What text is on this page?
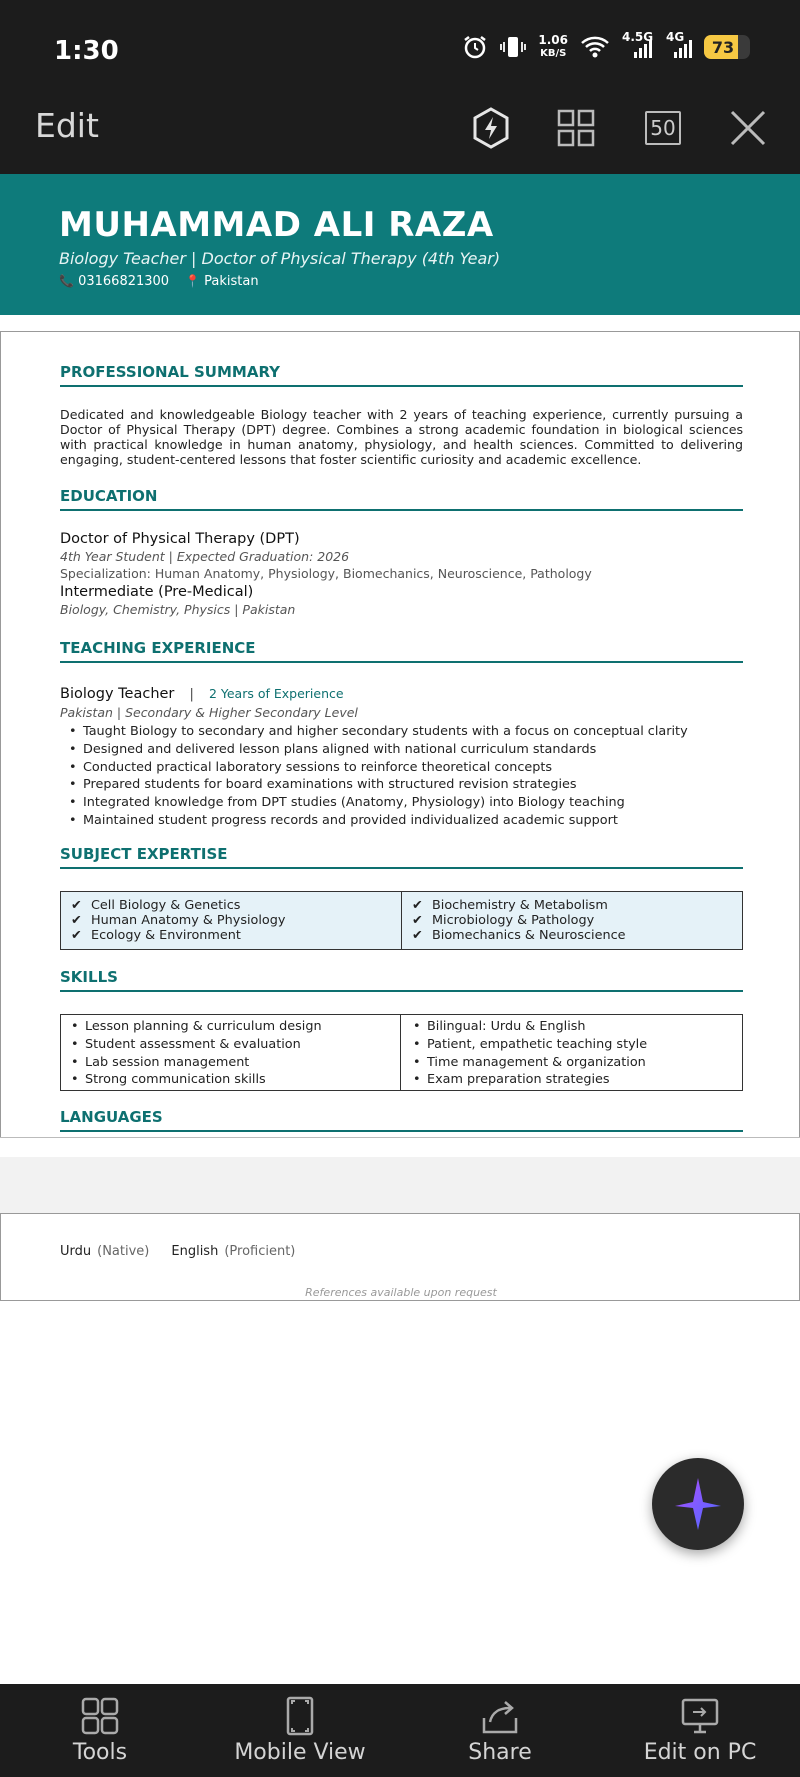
1:30	1.06
KB/S
4.5G 4G
73
Edit	50
MUHAMMAD ALI RAZA
Biology Teacher | Doctor of Physical Therapy (4th Year)
📞 03166821300 📍 Pakistan
PROFESSIONAL SUMMARY
Dedicated and knowledgeable Biology teacher with 2 years of teaching experience, currently pursuing a Doctor of Physical Therapy (DPT) degree. Combines a strong academic foundation in biological sciences with practical knowledge in human anatomy, physiology, and health sciences. Committed to delivering engaging, student-centered lessons that foster scientific curiosity and academic excellence.
EDUCATION
Doctor of Physical Therapy (DPT)
4th Year Student | Expected Graduation: 2026
Specialization: Human Anatomy, Physiology, Biomechanics, Neuroscience, Pathology
Intermediate (Pre-Medical)
Biology, Chemistry, Physics | Pakistan
TEACHING EXPERIENCE
Biology Teacher | 2 Years of Experience
Pakistan | Secondary & Higher Secondary Level
• Taught Biology to secondary and higher secondary students with a focus on conceptual clarity
• Designed and delivered lesson plans aligned with national curriculum standards
• Conducted practical laboratory sessions to reinforce theoretical concepts
• Prepared students for board examinations with structured revision strategies
• Integrated knowledge from DPT studies (Anatomy, Physiology) into Biology teaching
• Maintained student progress records and provided individualized academic support
SUBJECT EXPERTISE
✔ Cell Biology & Genetics
✔ Human Anatomy & Physiology
✔ Ecology & Environment
✔ Biochemistry & Metabolism
✔ Microbiology & Pathology
✔ Biomechanics & Neuroscience
SKILLS
• Lesson planning & curriculum design
• Student assessment & evaluation
• Lab session management
• Strong communication skills
• Bilingual: Urdu & English
• Patient, empathetic teaching style
• Time management & organization
• Exam preparation strategies
LANGUAGES
Urdu (Native) English (Proficient)
References available upon request
Tools	Mobile View	Share	Edit on PC
